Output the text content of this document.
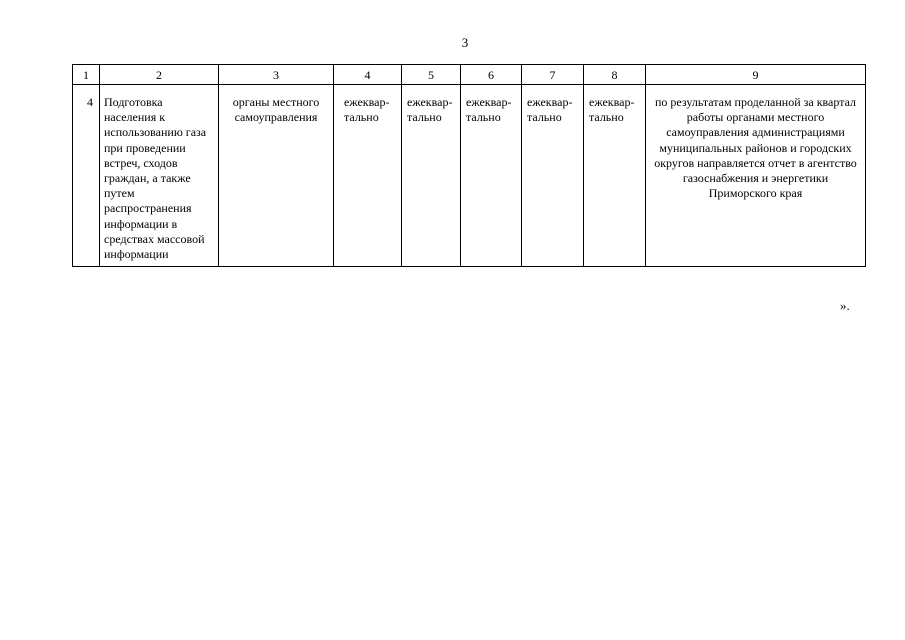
3
1	2	3	4	5	6	7	8	9
4	Подготовка населения к использованию газа при проведении встреч, сходов граждан, а также путем распространения информации в средствах массовой информации	органы местного самоуправления	ежеквар-тально	ежеквар-тально	ежеквар-тально	ежеквар-тально	ежеквар-тально	по результатам проделанной за квартал работы органами местного самоуправления администрациями муниципальных районов и городских округов направляется отчет в агентство газоснабжения и энергетики Приморского края
».
